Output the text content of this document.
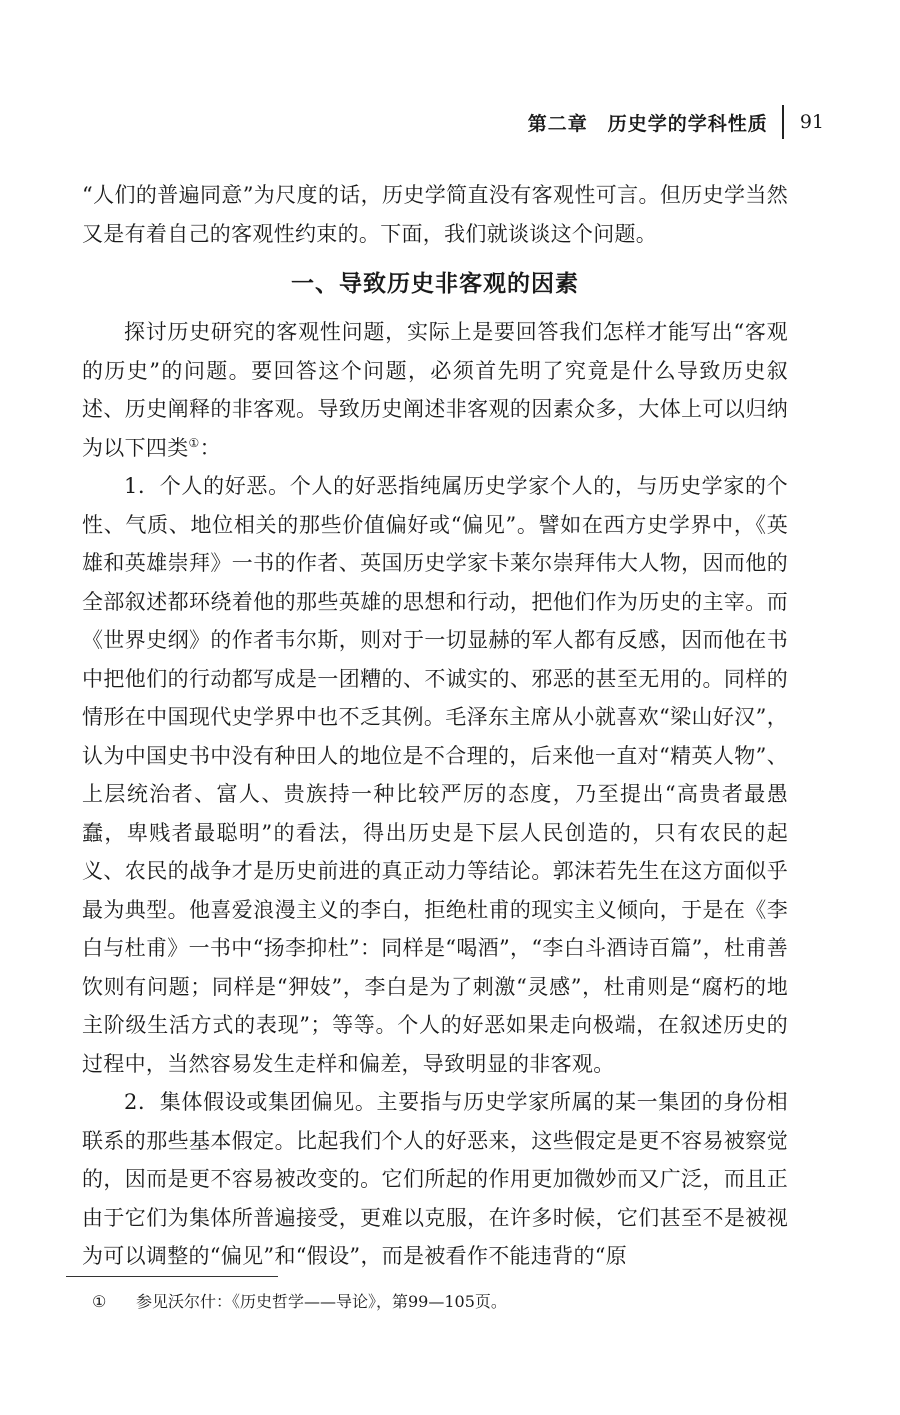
第二章　历史学的学科性质 91

“人们的普遍同意”为尺度的话，历史学简直没有客观性可言。但历史学当然又是有着自己的客观性约束的。下面，我们就谈谈这个问题。

一、导致历史非客观的因素

探讨历史研究的客观性问题，实际上是要回答我们怎样才能写出“客观的历史”的问题。要回答这个问题，必须首先明了究竟是什么导致历史叙述、历史阐释的非客观。导致历史阐述非客观的因素众多，大体上可以归纳为以下四类①：

1．个人的好恶。个人的好恶指纯属历史学家个人的，与历史学家的个性、气质、地位相关的那些价值偏好或“偏见”。譬如在西方史学界中，《英雄和英雄崇拜》一书的作者、英国历史学家卡莱尔崇拜伟大人物，因而他的全部叙述都环绕着他的那些英雄的思想和行动，把他们作为历史的主宰。而《世界史纲》的作者韦尔斯，则对于一切显赫的军人都有反感，因而他在书中把他们的行动都写成是一团糟的、不诚实的、邪恶的甚至无用的。同样的情形在中国现代史学界中也不乏其例。毛泽东主席从小就喜欢“梁山好汉”，认为中国史书中没有种田人的地位是不合理的，后来他一直对“精英人物”、上层统治者、富人、贵族持一种比较严厉的态度，乃至提出“高贵者最愚蠢，卑贱者最聪明”的看法，得出历史是下层人民创造的，只有农民的起义、农民的战争才是历史前进的真正动力等结论。郭沫若先生在这方面似乎最为典型。他喜爱浪漫主义的李白，拒绝杜甫的现实主义倾向，于是在《李白与杜甫》一书中“扬李抑杜”：同样是“喝酒”，“李白斗酒诗百篇”，杜甫善饮则有问题；同样是“狎妓”，李白是为了刺激“灵感”，杜甫则是“腐朽的地主阶级生活方式的表现”；等等。个人的好恶如果走向极端，在叙述历史的过程中，当然容易发生走样和偏差，导致明显的非客观。

2．集体假设或集团偏见。主要指与历史学家所属的某一集团的身份相联系的那些基本假定。比起我们个人的好恶来，这些假定是更不容易被察觉的，因而是更不容易被改变的。它们所起的作用更加微妙而又广泛，而且正由于它们为集体所普遍接受，更难以克服，在许多时候，它们甚至不是被视为可以调整的“偏见”和“假设”，而是被看作不能违背的“原

① 参见沃尔什：《历史哲学——导论》，第99—105页。
